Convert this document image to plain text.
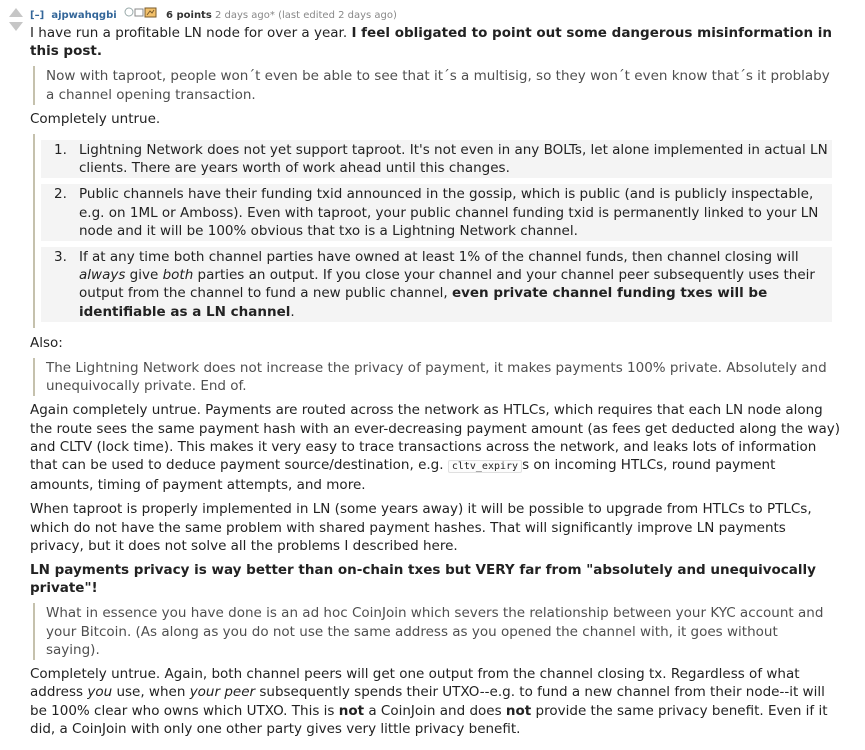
[–] ajpwahqgbi	6 points 2 days ago* (last edited 2 days ago)

I have run a profitable LN node for over a year. I feel obligated to point out some dangerous misinformation in this post.

Now with taproot, people won´t even be able to see that it´s a multisig, so they won´t even know that´s it problaby a channel opening transaction.

Completely untrue.

1. Lightning Network does not yet support taproot. It's not even in any BOLTs, let alone implemented in actual LN clients. There are years worth of work ahead until this changes.
2. Public channels have their funding txid announced in the gossip, which is public (and is publicly inspectable, e.g. on 1ML or Amboss). Even with taproot, your public channel funding txid is permanently linked to your LN node and it will be 100% obvious that txo is a Lightning Network channel.
3. If at any time both channel parties have owned at least 1% of the channel funds, then channel closing will always give both parties an output. If you close your channel and your channel peer subsequently uses their output from the channel to fund a new public channel, even private channel funding txes will be identifiable as a LN channel.

Also:

The Lightning Network does not increase the privacy of payment, it makes payments 100% private. Absolutely and unequivocally private. End of.

Again completely untrue. Payments are routed across the network as HTLCs, which requires that each LN node along the route sees the same payment hash with an ever-decreasing payment amount (as fees get deducted along the way) and CLTV (lock time). This makes it very easy to trace transactions across the network, and leaks lots of information that can be used to deduce payment source/destination, e.g. cltv_expiry s on incoming HTLCs, round payment amounts, timing of payment attempts, and more.

When taproot is properly implemented in LN (some years away) it will be possible to upgrade from HTLCs to PTLCs, which do not have the same problem with shared payment hashes. That will significantly improve LN payments privacy, but it does not solve all the problems I described here.

LN payments privacy is way better than on-chain txes but VERY far from "absolutely and unequivocally private"!

What in essence you have done is an ad hoc CoinJoin which severs the relationship between your KYC account and your Bitcoin. (As along as you do not use the same address as you opened the channel with, it goes without saying).

Completely untrue. Again, both channel peers will get one output from the channel closing tx. Regardless of what address you use, when your peer subsequently spends their UTXO--e.g. to fund a new channel from their node--it will be 100% clear who owns which UTXO. This is not a CoinJoin and does not provide the same privacy benefit. Even if it did, a CoinJoin with only one other party gives very little privacy benefit.
